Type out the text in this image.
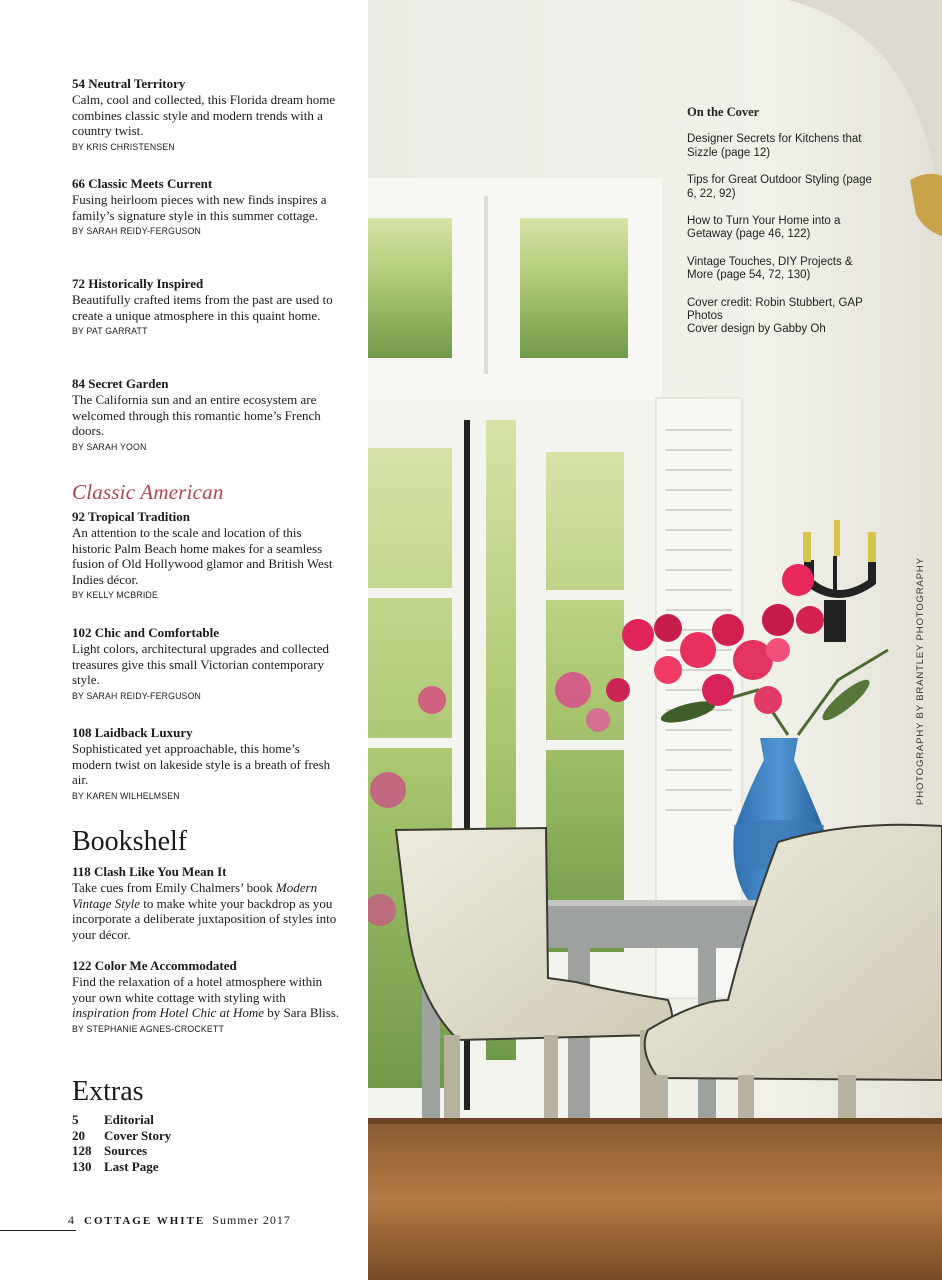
54 Neutral Territory
Calm, cool and collected, this Florida dream home combines classic style and modern trends with a country twist.
BY KRIS CHRISTENSEN
66 Classic Meets Current
Fusing heirloom pieces with new finds inspires a family’s signature style in this summer cottage.
BY SARAH REIDY-FERGUSON
72 Historically Inspired
Beautifully crafted items from the past are used to create a unique atmosphere in this quaint home.
BY PAT GARRATT
84 Secret Garden
The California sun and an entire ecosystem are welcomed through this romantic home’s French doors.
BY SARAH YOON
Classic American
92 Tropical Tradition
An attention to the scale and location of this historic Palm Beach home makes for a seamless fusion of Old Hollywood glamor and British West Indies décor.
BY KELLY MCBRIDE
102 Chic and Comfortable
Light colors, architectural upgrades and collected treasures give this small Victorian contemporary style.
BY SARAH REIDY-FERGUSON
108 Laidback Luxury
Sophisticated yet approachable, this home’s modern twist on lakeside style is a breath of fresh air.
BY KAREN WILHELMSEN
Bookshelf
118 Clash Like You Mean It
Take cues from Emily Chalmers’ book Modern Vintage Style to make white your backdrop as you incorporate a deliberate juxtaposition of styles into your décor.
122 Color Me Accommodated
Find the relaxation of a hotel atmosphere within your own white cottage with styling with inspiration from Hotel Chic at Home by Sara Bliss.
BY STEPHANIE AGNES-CROCKETT
Extras
5	Editorial
20	Cover Story
128 Sources
130 Last Page
4 COTTAGE WHITE Summer 2017
On the Cover
Designer Secrets for Kitchens that Sizzle (page 12)
Tips for Great Outdoor Styling (page 6, 22, 92)
How to Turn Your Home into a Getaway (page 46, 122)
Vintage Touches, DIY Projects & More (page 54, 72, 130)
Cover credit: Robin Stubbert, GAP Photos
Cover design by Gabby Oh
PHOTOGRAPHY BY BRANTLEY PHOTOGRAPHY
